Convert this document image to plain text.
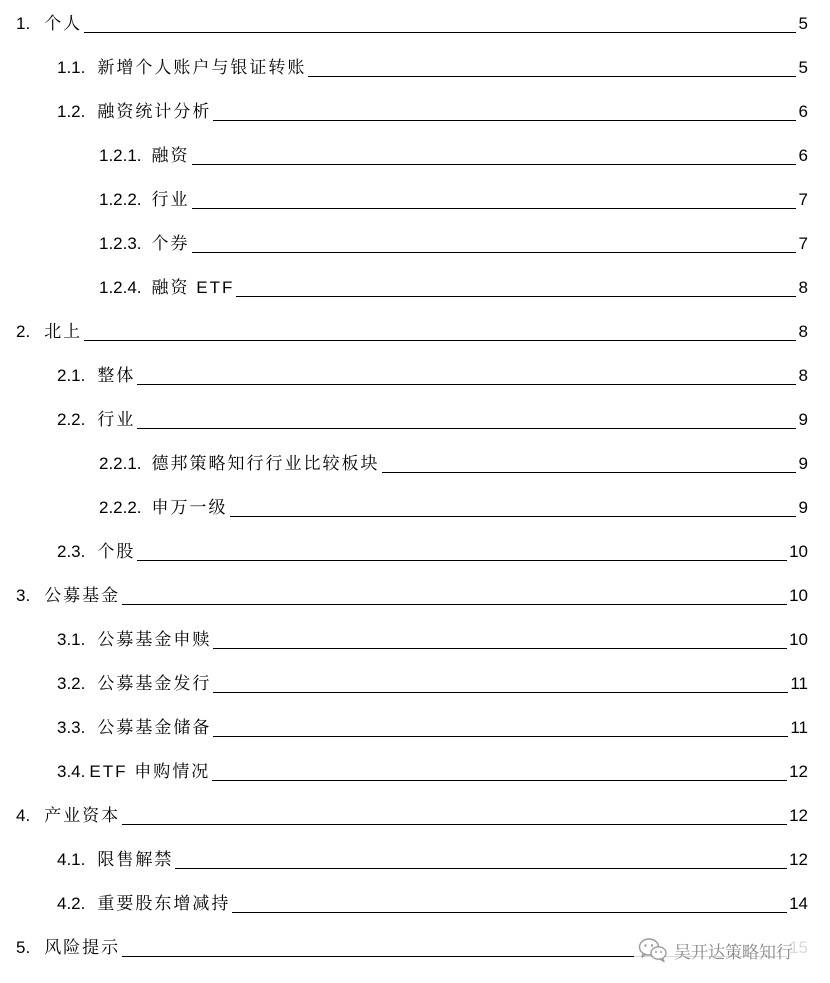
1. 个人	5
1.1. 新增个人账户与银证转账	5
1.2. 融资统计分析	6
1.2.1. 融资	6
1.2.2. 行业	7
1.2.3. 个券	7
1.2.4. 融资 ETF	8
2. 北上	8
2.1. 整体	8
2.2. 行业	9
2.2.1. 德邦策略知行行业比较板块	9
2.2.2. 申万一级	9
2.3. 个股	10
3. 公募基金	10
3.1. 公募基金申赎	10
3.2. 公募基金发行	11
3.3. 公募基金储备	11
3.4. ETF 申购情况	12
4. 产业资本	12
4.1. 限售解禁	12
4.2. 重要股东增减持	14
5. 风险提示	吴开达策略知行
